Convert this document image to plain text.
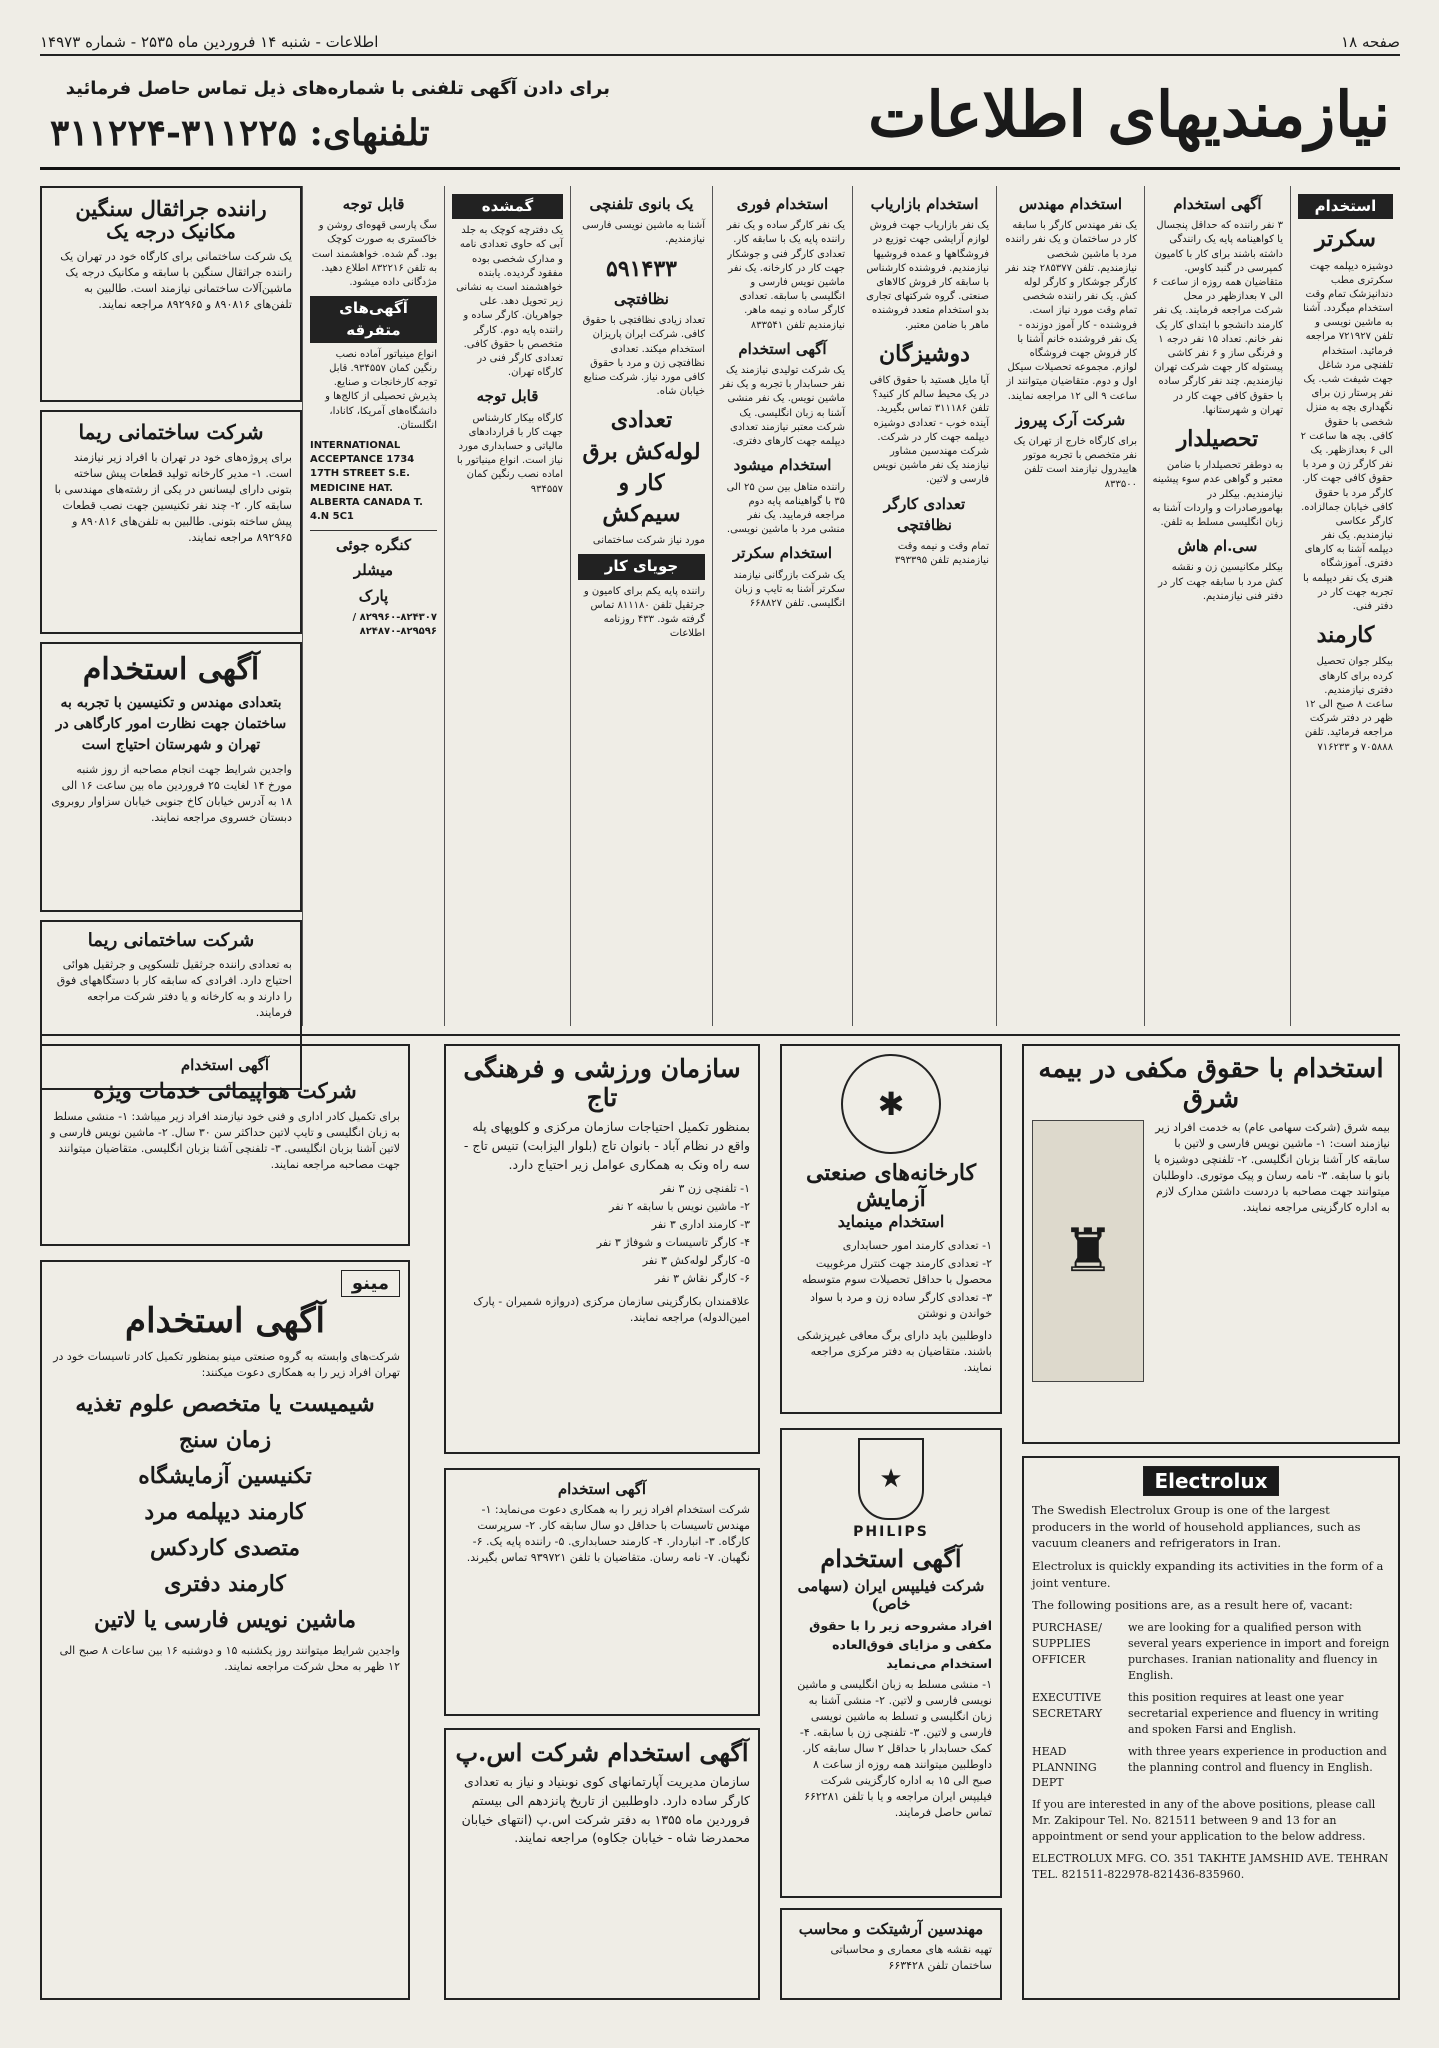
صفحه ۱۸
اطلاعات - شنبه ۱۴ فروردین ماه ۲۵۳۵ - شماره ۱۴۹۷۳
نیازمندیهای اطلاعات
برای دادن آگهی تلفنی با شماره‌های ذیل تماس حاصل فرمائید
تلفنهای: ۳۱۱۲۲۵-۳۱۱۲۲۴
استخدام
سکرتر

دوشیزه دیپلمه جهت سکرتری مطب دندانپزشک تمام وقت استخدام میگردد. آشنا به ماشین نویسی و تلفن ۷۲۱۹۲۷ مراجعه فرمائید. استخدام تلفنچی مرد شاغل جهت شیفت شب. یک نفر پرستار زن برای نگهداری بچه به منزل شخصی با حقوق کافی. بچه ها ساعت ۲ الی ۶ بعدازظهر. یک نفر کارگر زن و مرد با حقوق کافی جهت کار. کارگر مرد با حقوق کافی خیابان جمالزاده. کارگر عکاسی نیازمندیم. یک نفر دیپلمه آشنا به کارهای دفتری. آموزشگاه هنری یک نفر دیپلمه با تجربه جهت کار در دفتر فنی.

کارمند

بیکلر جوان تحصیل کرده برای کارهای دفتری نیازمندیم. ساعت ۸ صبح الی ۱۲ ظهر در دفتر شرکت مراجعه فرمائید. تلفن ۷۰۵۸۸۸ و ۷۱۶۲۳۳

آگهی استخدام

۳ نفر راننده که حداقل پنجسال یا کواهینامه پایه یک رانندگی داشته باشند برای کار با کامیون کمپرسی در گنبد کاوس. متقاضیان همه روزه از ساعت ۶ الی ۷ بعدازظهر در محل شرکت مراجعه فرمایند. یک نفر کارمند دانشجو با ابتدای کار یک نفر خانم. تعداد ۱۵ نفر درجه ۱ و فرنگی ساز و ۶ نفر کاشی پیستوله کار جهت شرکت تهران نیازمندیم. چند نفر کارگر ساده با حقوق کافی جهت کار در تهران و شهرستانها.

تحصیلدار

به دوطفر تحصیلدار با ضامن معتبر و گواهی عدم سوء پیشینه نیازمندیم. بیکلر در بهامورصادرات و واردات آشنا به زبان انگلیسی مسلط به تلفن.

سی.ام هاش

بیکلر مکانیسین زن و نقشه کش مرد با سابقه جهت کار در دفتر فنی نیازمندیم.

استخدام مهندس

یک نفر مهندس کارگر با سابقه کار در ساختمان و یک نفر راننده مرد با ماشین شخصی نیازمندیم. تلفن ۲۸۵۳۷۷ چند نفر کارگر جوشکار و کارگر لوله کش. یک نفر راننده شخصی تمام وقت مورد نیاز است. فروشنده - کار آموز دوزنده - یک نفر فروشنده خانم آشنا با کار فروش جهت فروشگاه لوازم. مجموعه تحصیلات سیکل اول و دوم. متقاضیان میتوانند از ساعت ۹ الی ۱۲ مراجعه نمایند.

شرکت آرک پیروز

برای کارگاه خارج از تهران یک نفر متخصص با تجربه موتور هاییدرول نیازمند است تلفن ۸۳۳۵۰۰

استخدام بازاریاب

یک نفر بازاریاب جهت فروش لوازم آرایشی جهت توزیع در فروشگاهها و عمده فروشیها نیازمندیم. فروشنده کارشناس با سابقه کار فروش کالاهای صنعتی. گروه شرکتهای تجاری بدو استخدام متعدد فروشنده ماهر با ضامن معتبر.

دوشیزگان

آیا مایل هستید با حقوق کافی در یک محیط سالم کار کنید؟ تلفن ۳۱۱۱۸۶ تماس بگیرید. آینده خوب - تعدادی دوشیزه دیپلمه جهت کار در شرکت. شرکت مهندسین مشاور نیازمند یک نفر ماشین نویس فارسی و لاتین.

تعدادی کارگر نظافتچی

تمام وقت و نیمه وقت نیازمندیم تلفن ۳۹۳۳۹۵

استخدام فوری

یک نفر کارگر ساده و یک نفر راننده پایه یک با سابقه کار. تعدادی کارگر فنی و جوشکار جهت کار در کارخانه. یک نفر ماشین نویس فارسی و انگلیسی با سابقه. تعدادی کارگر ساده و نیمه ماهر. نیازمندیم تلفن ۸۳۳۵۴۱

آگهی استخدام

یک شرکت تولیدی نیازمند یک نفر حسابدار با تجربه و یک نفر ماشین نویس. یک نفر منشی آشنا به زبان انگلیسی. یک شرکت معتبر نیازمند تعدادی دیپلمه جهت کارهای دفتری.

استخدام میشود

راننده متاهل بین سن ۲۵ الی ۳۵ با گواهینامه پایه دوم مراجعه فرمایید. یک نفر منشی مرد با ماشین نویسی.

استخدام سکرتر

یک شرکت بازرگانی نیازمند سکرتر آشنا به تایپ و زبان انگلیسی. تلفن ۶۶۸۸۲۷

یک بانوی تلفنچی

آشنا به ماشین نویسی فارسی نیازمندیم.

۵۹۱۴۳۳
نظافتچی

تعداد زیادی نظافتچی با حقوق کافی. شرکت ایران پاریزان استخدام میکند. تعدادی نظافتچی زن و مرد با حقوق کافی مورد نیاز. شرکت صنایع خیابان شاه.

تعدادی لوله‌کش برق کار و سیم‌کش

مورد نیاز شرکت ساختمانی

جویای کار

راننده پایه یکم برای کامیون و جرثقیل تلفن ۸۱۱۱۸۰ تماس گرفته شود. ۴۳۳ روزنامه اطلاعات

گمشده

یک دفترچه کوچک به جلد آبی که حاوی تعدادی نامه و مدارک شخصی بوده مفقود گردیده. یابنده خواهشمند است به نشانی زیر تحویل دهد. علی جواهریان. کارگر ساده و راننده پایه دوم. کارگر متخصص با حقوق کافی. تعدادی کارگر فنی در کارگاه تهران.

قابل توجه

کارگاه بیکار کارشناس جهت کار با قراردادهای مالیاتی و حسابداری مورد نیاز است. انواع مینیاتور با اماده نصب رنگین کمان ۹۳۴۵۵۷

قابل توجه

سگ پارسی قهوه‌ای روشن و خاکستری به صورت کوچک بود. گم شده. خواهشمند است به تلفن ۸۳۲۲۱۶ اطلاع دهید. مژدگانی داده میشود.

آگهی‌های متفرقه

انواع مینیاتور آماده نصب رنگین کمان ۹۳۴۵۵۷. قابل توجه کارخانجات و صنایع. پذیرش تحصیلی از کالج‌ها و دانشگاه‌های آمریکا، کانادا، انگلستان.

INTERNATIONAL ACCEPTANCE 1734 17TH STREET S.E. MEDICINE HAT. ALBERTA CANADA T. 4.N 5C1

کنگره جوئی
میشلر
پارک

۸۲۹۹۶۰-۸۲۴۳۰۷ / ۸۲۴۸۷۰-۸۲۹۵۹۶

راننده جراثقال سنگین
مکانیک درجه یک
یک شرکت ساختمانی برای کارگاه خود در تهران یک راننده جراثقال سنگین با سابقه و مکانیک درجه یک ماشین‌آلات ساختمانی نیازمند است. طالبین به تلفن‌های ۸۹۰۸۱۶ و ۸۹۲۹۶۵ مراجعه نمایند.
شرکت ساختمانی ریما
برای پروژه‌های خود در تهران با افراد زیر نیازمند است. ۱- مدیر کارخانه تولید قطعات پیش ساخته بتونی دارای لیسانس در یکی از رشته‌های مهندسی با سابقه کار. ۲- چند نفر تکنیسین جهت نصب قطعات پیش ساخته بتونی. طالبین به تلفن‌های ۸۹۰۸۱۶ و ۸۹۲۹۶۵ مراجعه نمایند.
آگهی استخدام
بتعدادی مهندس و تکنیسین با تجربه به ساختمان جهت نظارت امور کارگاهی در تهران و شهرستان احتیاج است
واجدین شرایط جهت انجام مصاحبه از روز شنبه مورخ ۱۴ لغایت ۲۵ فروردین ماه بین ساعت ۱۶ الی ۱۸ به آدرس خیابان کاخ جنوبی خیابان سزاوار روبروی دبستان خسروی مراجعه نمایند.
شرکت ساختمانی ریما
به تعدادی راننده جرثقیل تلسکوپی و جرثقیل هوائی احتیاج دارد. افرادی که سابقه کار با دستگاههای فوق را دارند و به کارخانه و یا دفتر شرکت مراجعه فرمایند.
آگهی استخدام
شرکت هواپیمائی خدمات ویژه
برای تکمیل کادر اداری و فنی خود نیازمند افراد زیر میباشد: ۱- منشی مسلط به زبان انگلیسی و تایپ لاتین حداکثر سن ۳۰ سال. ۲- ماشین نویس فارسی و لاتین آشنا بزبان انگلیسی. ۳- تلفنچی آشنا بزبان انگلیسی. متقاضیان میتوانند جهت مصاحبه مراجعه نمایند.
سازمان ورزشی و فرهنگی تاج
بمنظور تکمیل احتیاجات سازمان مرکزی و کلوپهای پله واقع در نظام آباد - بانوان تاج (بلوار الیزابت) تنیس تاج - سه راه ونک به همکاری عوامل زیر احتیاج دارد.
۱- تلفنچی زن ۳ نفر
۲- ماشین نویس با سابقه ۲ نفر
۳- کارمند اداری ۳ نفر
۴- کارگر تاسیسات و شوفاژ ۳ نفر
۵- کارگر لوله‌کش ۳ نفر
۶- کارگر نقاش ۳ نفر
علاقمندان بکارگزینی سازمان مرکزی (دروازه شمیران - پارک امین‌الدوله) مراجعه نمایند.
✱
کارخانه‌های صنعتی آزمایش
استخدام مینماید
۱- تعدادی کارمند امور حسابداری
۲- تعدادی کارمند جهت کنترل مرغوبیت محصول با حداقل تحصیلات سوم متوسطه
۳- تعدادی کارگر ساده زن و مرد با سواد خواندن و نوشتن
داوطلبین باید دارای برگ معافی غیرپزشکی باشند. متقاضیان به دفتر مرکزی مراجعه نمایند.
استخدام با حقوق مکفی در بیمه شرق
بیمه شرق (شرکت سهامی عام) به خدمت افراد زیر نیازمند است: ۱- ماشین نویس فارسی و لاتین با سابقه کار آشنا بزبان انگلیسی. ۲- تلفنچی دوشیزه یا بانو با سابقه. ۳- نامه رسان و پیک موتوری. داوطلبان میتوانند جهت مصاحبه با دردست داشتن مدارک لازم به اداره کارگزینی مراجعه نمایند.
♜
مینو
آگهی استخدام
شرکت‌های وابسته به گروه صنعتی مینو بمنظور تکمیل کادر تاسیسات خود در تهران افراد زیر را به همکاری دعوت میکنند:
شیمیست یا متخصص علوم تغذیه
زمان سنج
تکنیسین آزمایشگاه
کارمند دیپلمه مرد
متصدی کاردکس
کارمند دفتری
ماشین نویس فارسی یا لاتین
واجدین شرایط میتوانند روز یکشنبه ۱۵ و دوشنبه ۱۶ بین ساعات ۸ صبح الی ۱۲ ظهر به محل شرکت مراجعه نمایند.
آگهی استخدام
شرکت استخدام افراد زیر را به همکاری دعوت می‌نماید: ۱- مهندس تاسیسات با حداقل دو سال سابقه کار. ۲- سرپرست کارگاه. ۳- انباردار. ۴- کارمند حسابداری. ۵- راننده پایه یک. ۶- نگهبان. ۷- نامه رسان. متقاضیان با تلفن ۹۳۹۷۲۱ تماس بگیرند.
آگهی استخدام شرکت اس.پ
سازمان مدیریت آپارتمانهای کوی نوبنیاد و نیاز به تعدادی کارگر ساده دارد. داوطلبین از تاریخ پانزدهم الی بیستم فروردین ماه ۱۳۵۵ به دفتر شرکت اس.پ (انتهای خیابان محمدرضا شاه - خیابان جکاوه) مراجعه نمایند.
★
PHILIPS
آگهی استخدام
شرکت فیلیپس ایران (سهامی خاص)
افراد مشروحه زیر را با حقوق مکفی و مزایای فوق‌العاده استخدام می‌نماید
۱- منشی مسلط به زبان انگلیسی و ماشین نویسی فارسی و لاتین. ۲- منشی آشنا به زبان انگلیسی و تسلط به ماشین نویسی فارسی و لاتین. ۳- تلفنچی زن با سابقه. ۴- کمک حسابدار با حداقل ۲ سال سابقه کار. داوطلبین میتوانند همه روزه از ساعت ۸ صبح الی ۱۵ به اداره کارگزینی شرکت فیلیپس ایران مراجعه و یا با تلفن ۶۶۲۲۸۱ تماس حاصل فرمایند.
مهندسین آرشیتکت و محاسب
تهیه نقشه های معماری و محاسباتی ساختمان تلفن ۶۶۳۴۲۸
Electrolux
The Swedish Electrolux Group is one of the largest producers in the world of household appliances, such as vacuum cleaners and refrigerators in Iran.
Electrolux is quickly expanding its activities in the form of a joint venture.
The following positions are, as a result here of, vacant:
PURCHASE/ SUPPLIES OFFICER
we are looking for a qualified person with several years experience in import and foreign purchases. Iranian nationality and fluency in English.
EXECUTIVE SECRETARY
this position requires at least one year secretarial experience and fluency in writing and spoken Farsi and English.
HEAD PLANNING DEPT
with three years experience in production and the planning control and fluency in English.
If you are interested in any of the above positions, please call Mr. Zakipour Tel. No. 821511 between 9 and 13 for an appointment or send your application to the below address.
ELECTROLUX MFG. CO. 351 TAKHTE JAMSHID AVE. TEHRAN
TEL. 821511-822978-821436-835960.
